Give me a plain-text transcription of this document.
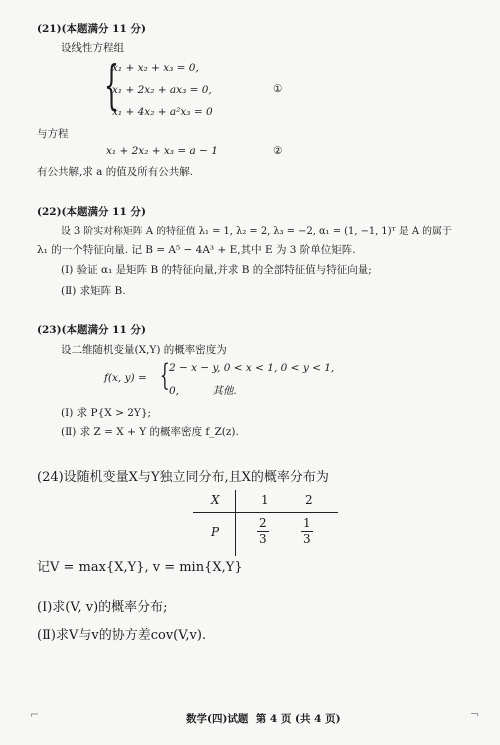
(21)(本题满分 11 分)
设线性方程组
{
x₁ + x₂ + x₃ = 0,
x₁ + 2x₂ + ax₃ = 0,
x₁ + 4x₂ + a²x₃ = 0
①
与方程
x₁ + 2x₂ + x₃ = a − 1	②
有公共解,求 a 的值及所有公共解.
(22)(本题满分 11 分)
设 3 阶实对称矩阵 A 的特征值 λ₁ = 1, λ₂ = 2, λ₃ = −2, α₁ = (1, −1, 1)ᵀ 是 A 的属于
λ₁ 的一个特征向量. 记 B = A⁵ − 4A³ + E,其中 E 为 3 阶单位矩阵.
(Ⅰ) 验证 α₁ 是矩阵 B 的特征向量,并求 B 的全部特征值与特征向量;
(Ⅱ) 求矩阵 B.
(23)(本题满分 11 分)
设二维随机变量(X,Y) 的概率密度为
f(x, y) = { 2 − x − y, 0 < x < 1, 0 < y < 1,
0,          其他.
(Ⅰ) 求 P{X > 2Y};
(Ⅱ) 求 Z = X + Y 的概率密度 f_Z(z).
(24)设随机变量X与Y独立同分布,且X的概率分布为
X	1	2
P	$\frac{2}{3}$	$\frac{1}{3}$
记V = max{X,Y}, v = min{X,Y}
(Ⅰ)求(V, v)的概率分布;
(Ⅱ)求V与v的协方差cov(V,v).
⌐	¬
数学(四)试题  第 4 页 (共 4 页)
